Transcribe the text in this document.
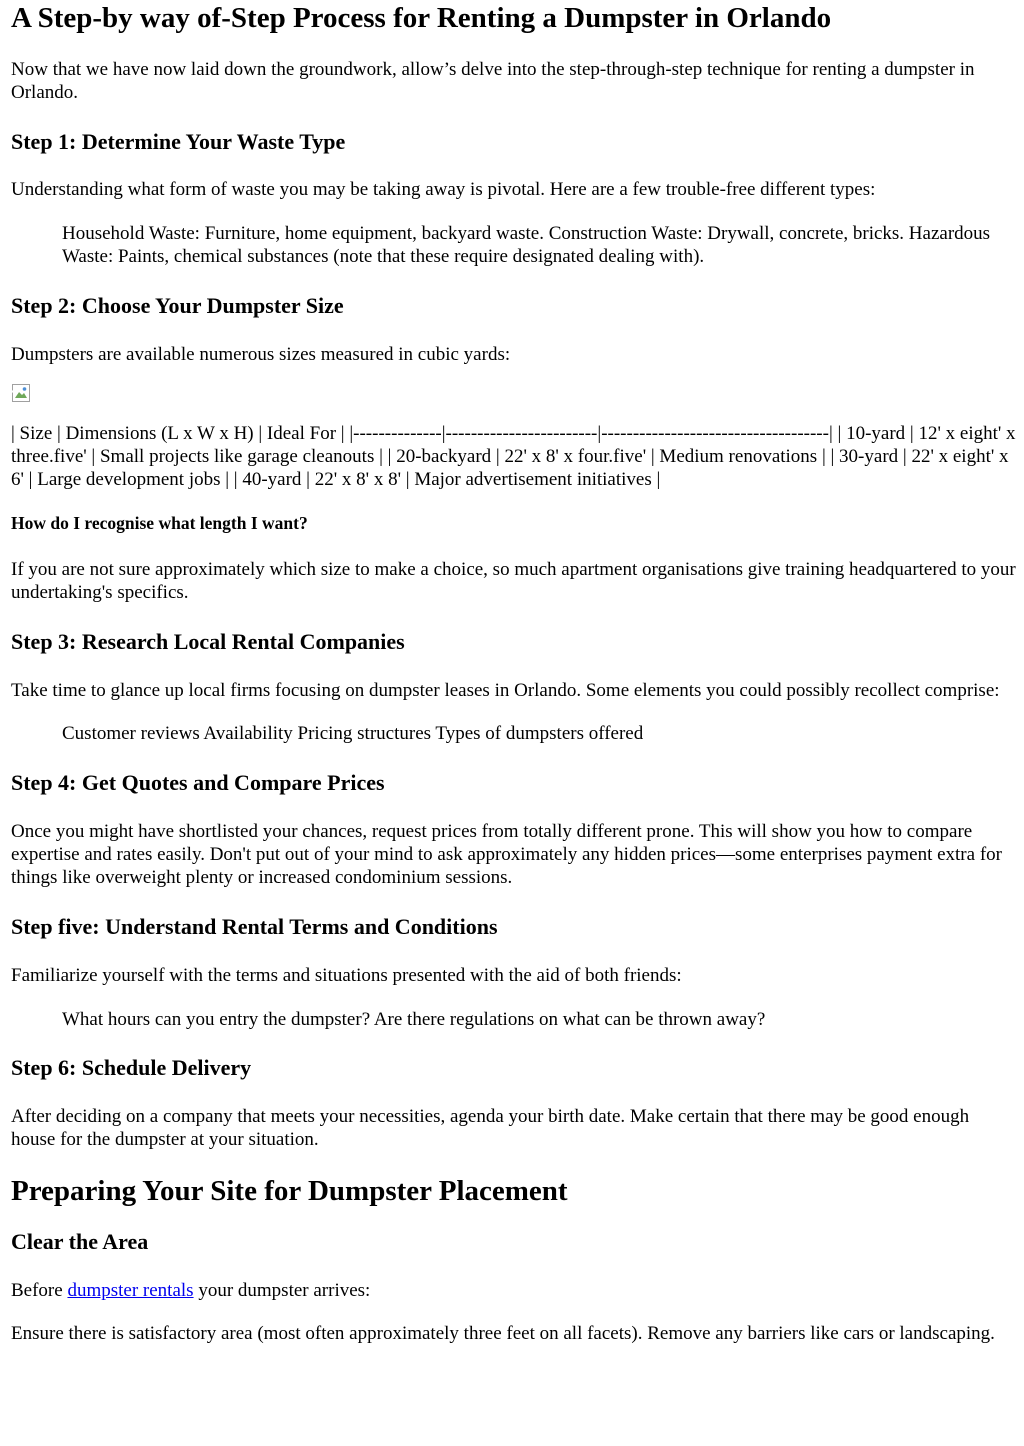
A Step-by way of-Step Process for Renting a Dumpster in Orlando

Now that we have now laid down the groundwork, allow’s delve into the step-through-step technique for renting a dumpster in Orlando.

Step 1: Determine Your Waste Type

Understanding what form of waste you may be taking away is pivotal. Here are a few trouble-free different types:

Household Waste: Furniture, home equipment, backyard waste. Construction Waste: Drywall, concrete, bricks. Hazardous Waste: Paints, chemical substances (note that these require designated dealing with).
Step 2: Choose Your Dumpster Size

Dumpsters are available numerous sizes measured in cubic yards:

| Size | Dimensions (L x W x H) | Ideal For | |--------------|------------------------|------------------------------------| | 10-yard | 12' x eight' x three.five' | Small projects like garage cleanouts | | 20-backyard | 22' x 8' x four.five' | Medium renovations | | 30-yard | 22' x eight' x 6' | Large development jobs | | 40-yard | 22' x 8' x 8' | Major advertisement initiatives |

How do I recognise what length I want?

If you are not sure approximately which size to make a choice, so much apartment organisations give training headquartered to your undertaking's specifics.

Step 3: Research Local Rental Companies

Take time to glance up local firms focusing on dumpster leases in Orlando. Some elements you could possibly recollect comprise:

Customer reviews Availability Pricing structures Types of dumpsters offered
Step 4: Get Quotes and Compare Prices

Once you might have shortlisted your chances, request prices from totally different prone. This will show you how to compare expertise and rates easily. Don't put out of your mind to ask approximately any hidden prices—some enterprises payment extra for things like overweight plenty or increased condominium sessions.

Step five: Understand Rental Terms and Conditions

Familiarize yourself with the terms and situations presented with the aid of both friends:

What hours can you entry the dumpster? Are there regulations on what can be thrown away?
Step 6: Schedule Delivery

After deciding on a company that meets your necessities, agenda your birth date. Make certain that there may be good enough house for the dumpster at your situation.

Preparing Your Site for Dumpster Placement
Clear the Area

Before dumpster rentals your dumpster arrives:

Ensure there is satisfactory area (most often approximately three feet on all facets). Remove any barriers like cars or landscaping.
